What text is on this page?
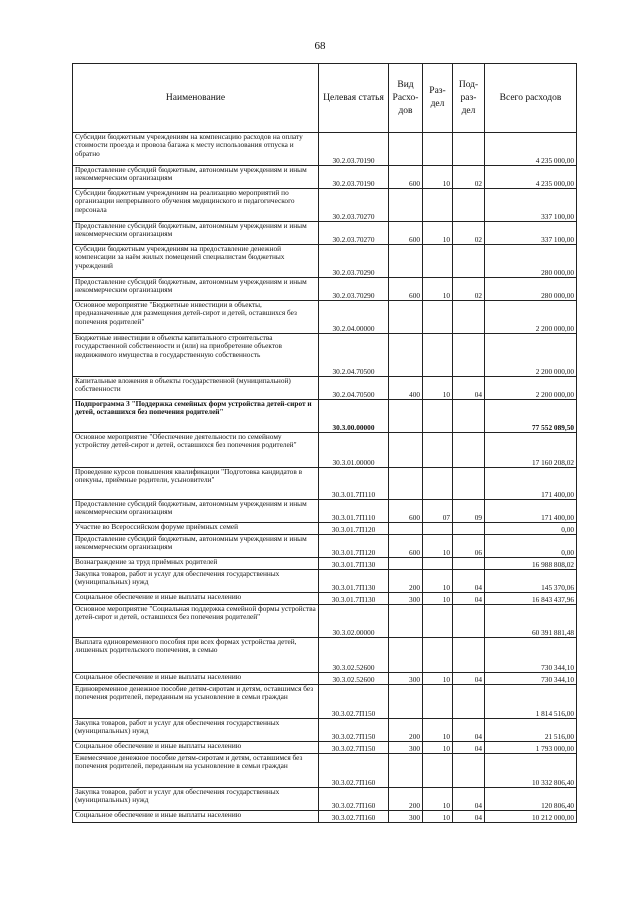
68
Наименование	Целевая статья	Вид Расхо-дов	Раз-дел	Под-раз-дел	Всего расходов
Субсидии бюджетным учреждениям на компенсацию расходов на оплату стоимости проезда и провоза багажа к месту использования отпуска и обратно	30.2.03.70190				4 235 000,00
Предоставление субсидий бюджетным, автономным учреждениям и иным некоммерческим организациям	30.2.03.70190	600	10	02	4 235 000,00
Субсидии бюджетным учреждениям на реализацию мероприятий по организации непрерывного обучения медицинского и педагогического персонала	30.2.03.70270				337 100,00
Предоставление субсидий бюджетным, автономным учреждениям и иным некоммерческим организациям	30.2.03.70270	600	10	02	337 100,00
Субсидии бюджетным учреждениям на предоставление денежной компенсации за наём жилых помещений специалистам бюджетных учреждений	30.2.03.70290				280 000,00
Предоставление субсидий бюджетным, автономным учреждениям и иным некоммерческим организациям	30.2.03.70290	600	10	02	280 000,00
Основное мероприятие "Бюджетные инвестиции в объекты, предназначенные для размещения детей-сирот и детей, оставшихся без попечения родителей"	30.2.04.00000				2 200 000,00
Бюджетные инвестиции в объекты капитального строительства государственной собственности и (или) на приобретение объектов недвижимого имущества в государственную собственность	30.2.04.70500				2 200 000,00
Капитальные вложения в объекты государственной (муниципальной) собственности	30.2.04.70500	400	10	04	2 200 000,00
Подпрограмма 3 "Поддержка семейных форм устройства детей-сирот и детей, оставшихся без попечения родителей"	30.3.00.00000				77 552 089,50
Основное мероприятие "Обеспечение деятельности по семейному устройству детей-сирот и детей, оставшихся без попечения родителей"	30.3.01.00000				17 160 208,02
Проведение курсов повышения квалификации "Подготовка кандидатов в опекуны, приёмные родители, усыновители"	30.3.01.7П110				171 400,00
Предоставление субсидий бюджетным, автономным учреждениям и иным некоммерческим организациям	30.3.01.7П110	600	07	09	171 400,00
Участие во Всероссийском форуме приёмных семей	30.3.01.7П120				0,00
Предоставление субсидий бюджетным, автономным учреждениям и иным некоммерческим организациям	30.3.01.7П120	600	10	06	0,00
Вознаграждение за труд приёмных родителей	30.3.01.7П130				16 988 808,02
Закупка товаров, работ и услуг для обеспечения государственных (муниципальных) нужд	30.3.01.7П130	200	10	04	145 370,06
Социальное обеспечение и иные выплаты населению	30.3.01.7П130	300	10	04	16 843 437,96
Основное мероприятие "Социальная поддержка семейной формы устройства детей-сирот и детей, оставшихся без попечения родителей"	30.3.02.00000				60 391 881,48
Выплата единовременного пособия при всех формах устройства детей, лишенных родительского попечения, в семью	30.3.02.52600				730 344,10
Социальное обеспечение и иные выплаты населению	30.3.02.52600	300	10	04	730 344,10
Единовременное денежное пособие детям-сиротам и детям, оставшимся без попечения родителей, переданным на усыновление в семьи граждан	30.3.02.7П150				1 814 516,00
Закупка товаров, работ и услуг для обеспечения государственных (муниципальных) нужд	30.3.02.7П150	200	10	04	21 516,00
Социальное обеспечение и иные выплаты населению	30.3.02.7П150	300	10	04	1 793 000,00
Ежемесячное денежное пособие детям-сиротам и детям, оставшимся без попечения родителей, переданным на усыновление в семьи граждан	30.3.02.7П160				10 332 806,40
Закупка товаров, работ и услуг для обеспечения государственных (муниципальных) нужд	30.3.02.7П160	200	10	04	120 806,40
Социальное обеспечение и иные выплаты населению	30.3.02.7П160	300	10	04	10 212 000,00
